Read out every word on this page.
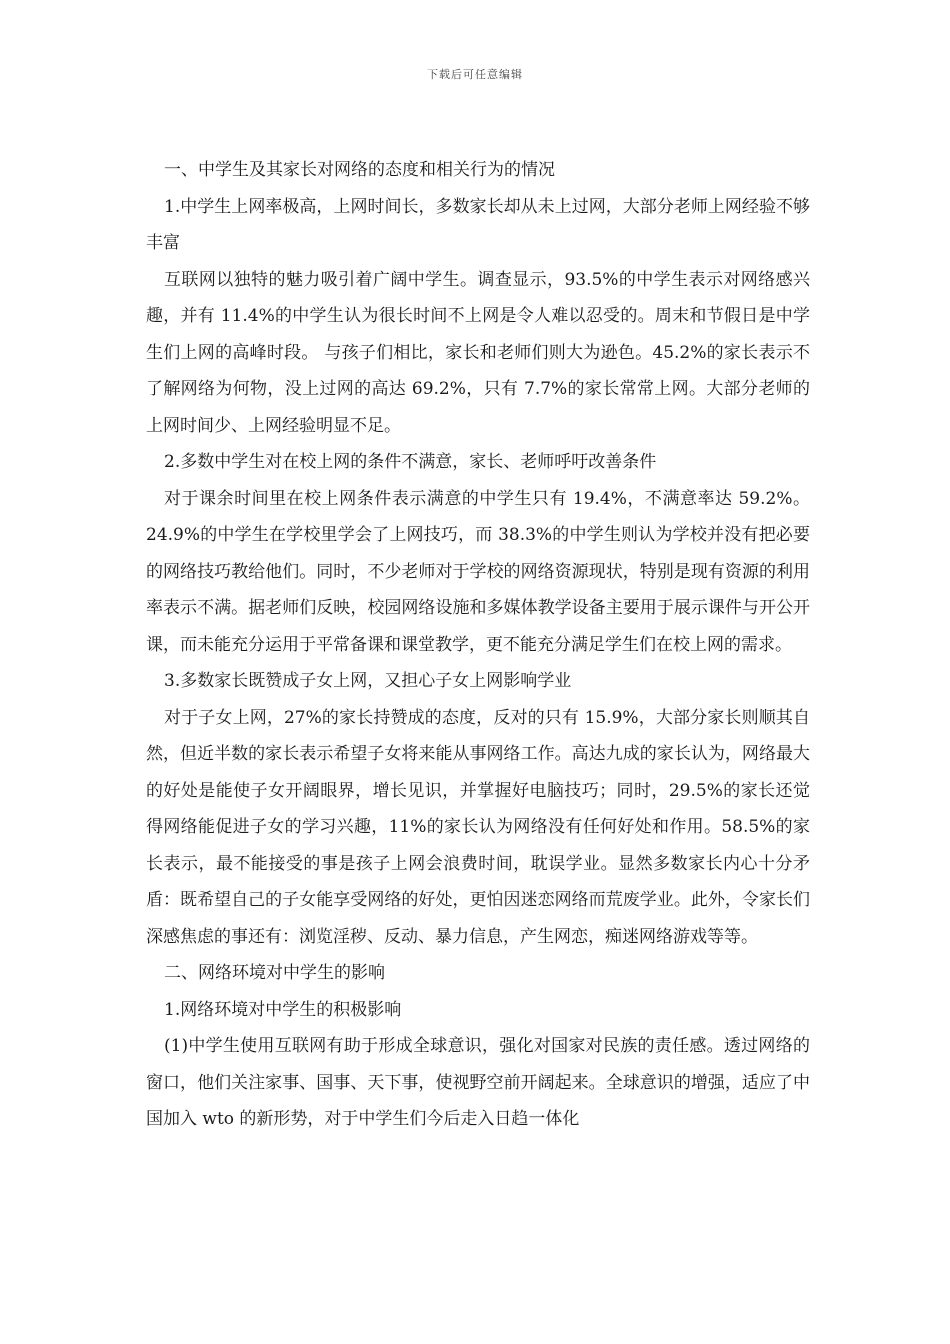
下载后可任意编辑

一、中学生及其家长对网络的态度和相关行为的情况

1.中学生上网率极高，上网时间长，多数家长却从未上过网，大部分老师上网经验不够丰富

互联网以独特的魅力吸引着广阔中学生。调查显示，93.5%的中学生表示对网络感兴趣，并有 11.4%的中学生认为很长时间不上网是令人难以忍受的。周末和节假日是中学生们上网的高峰时段。 与孩子们相比，家长和老师们则大为逊色。45.2%的家长表示不了解网络为何物，没上过网的高达 69.2%，只有 7.7%的家长常常上网。大部分老师的上网时间少、上网经验明显不足。

2.多数中学生对在校上网的条件不满意，家长、老师呼吁改善条件

对于课余时间里在校上网条件表示满意的中学生只有 19.4%，不满意率达 59.2%。24.9%的中学生在学校里学会了上网技巧，而 38.3%的中学生则认为学校并没有把必要的网络技巧教给他们。同时，不少老师对于学校的网络资源现状，特别是现有资源的利用率表示不满。据老师们反映，校园网络设施和多媒体教学设备主要用于展示课件与开公开课，而未能充分运用于平常备课和课堂教学，更不能充分满足学生们在校上网的需求。

3.多数家长既赞成子女上网，又担心子女上网影响学业

对于子女上网，27%的家长持赞成的态度，反对的只有 15.9%，大部分家长则顺其自然，但近半数的家长表示希望子女将来能从事网络工作。高达九成的家长认为，网络最大的好处是能使子女开阔眼界，增长见识，并掌握好电脑技巧；同时，29.5%的家长还觉得网络能促进子女的学习兴趣，11%的家长认为网络没有任何好处和作用。58.5%的家长表示，最不能接受的事是孩子上网会浪费时间，耽误学业。显然多数家长内心十分矛盾：既希望自己的子女能享受网络的好处，更怕因迷恋网络而荒废学业。此外，令家长们深感焦虑的事还有：浏览淫秽、反动、暴力信息，产生网恋，痴迷网络游戏等等。

二、网络环境对中学生的影响

1.网络环境对中学生的积极影响

(1)中学生使用互联网有助于形成全球意识，强化对国家对民族的责任感。透过网络的窗口，他们关注家事、国事、天下事，使视野空前开阔起来。全球意识的增强，适应了中国加入 wto 的新形势，对于中学生们今后走入日趋一体化
